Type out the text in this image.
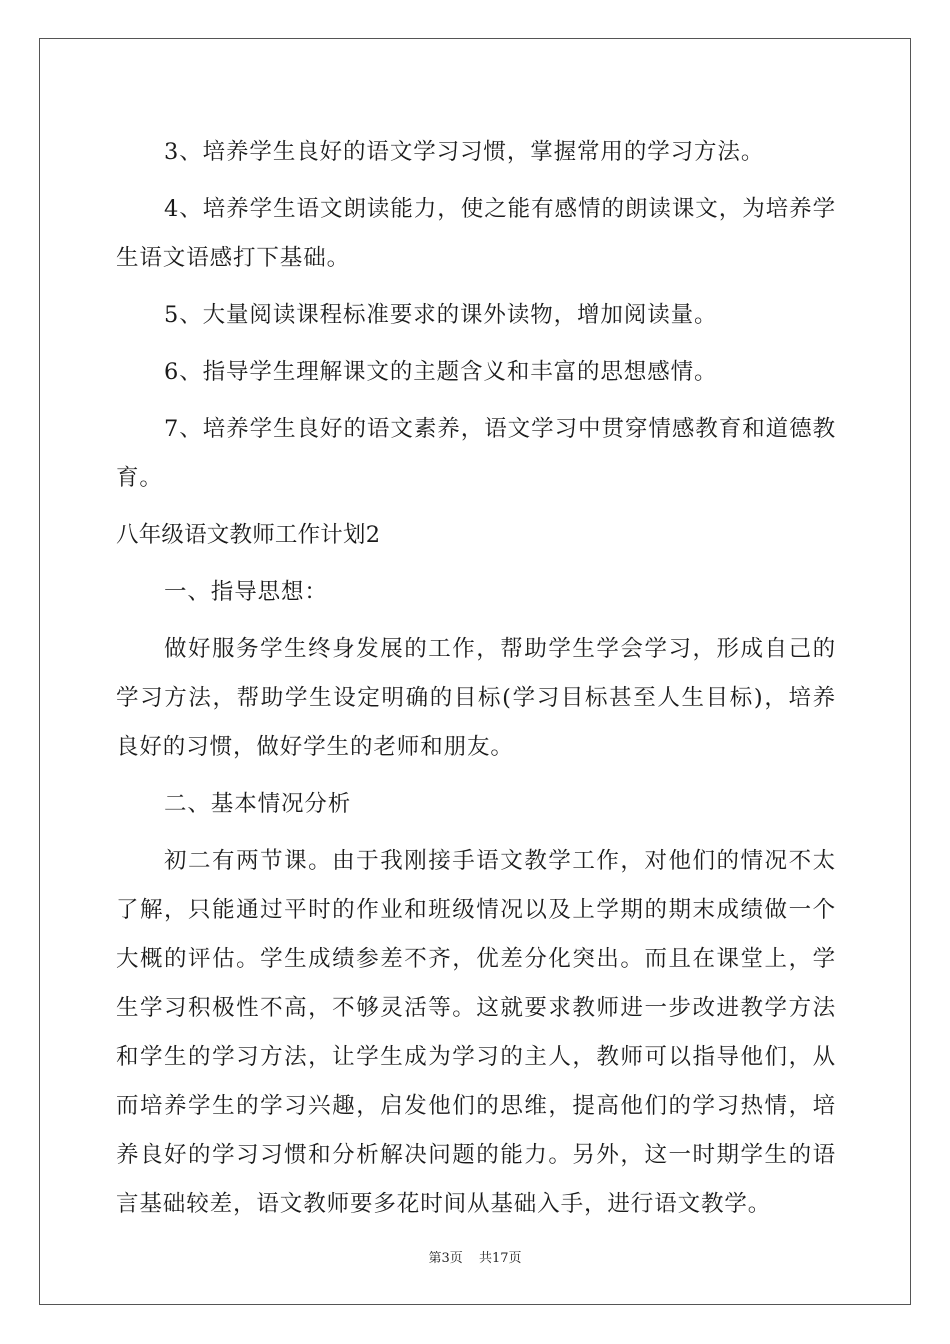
3、培养学生良好的语文学习习惯，掌握常用的学习方法。

4、培养学生语文朗读能力，使之能有感情的朗读课文，为培养学生语文语感打下基础。

5、大量阅读课程标准要求的课外读物，增加阅读量。

6、指导学生理解课文的主题含义和丰富的思想感情。

7、培养学生良好的语文素养，语文学习中贯穿情感教育和道德教育。

八年级语文教师工作计划2

一、指导思想：

做好服务学生终身发展的工作，帮助学生学会学习，形成自己的学习方法，帮助学生设定明确的目标(学习目标甚至人生目标)，培养良好的习惯，做好学生的老师和朋友。

二、基本情况分析

初二有两节课。由于我刚接手语文教学工作，对他们的情况不太了解，只能通过平时的作业和班级情况以及上学期的期末成绩做一个大概的评估。学生成绩参差不齐，优差分化突出。而且在课堂上，学生学习积极性不高，不够灵活等。这就要求教师进一步改进教学方法和学生的学习方法，让学生成为学习的主人，教师可以指导他们，从而培养学生的学习兴趣，启发他们的思维，提高他们的学习热情，培养良好的学习习惯和分析解决问题的能力。另外，这一时期学生的语言基础较差，语文教师要多花时间从基础入手，进行语文教学。

第3页 共17页
